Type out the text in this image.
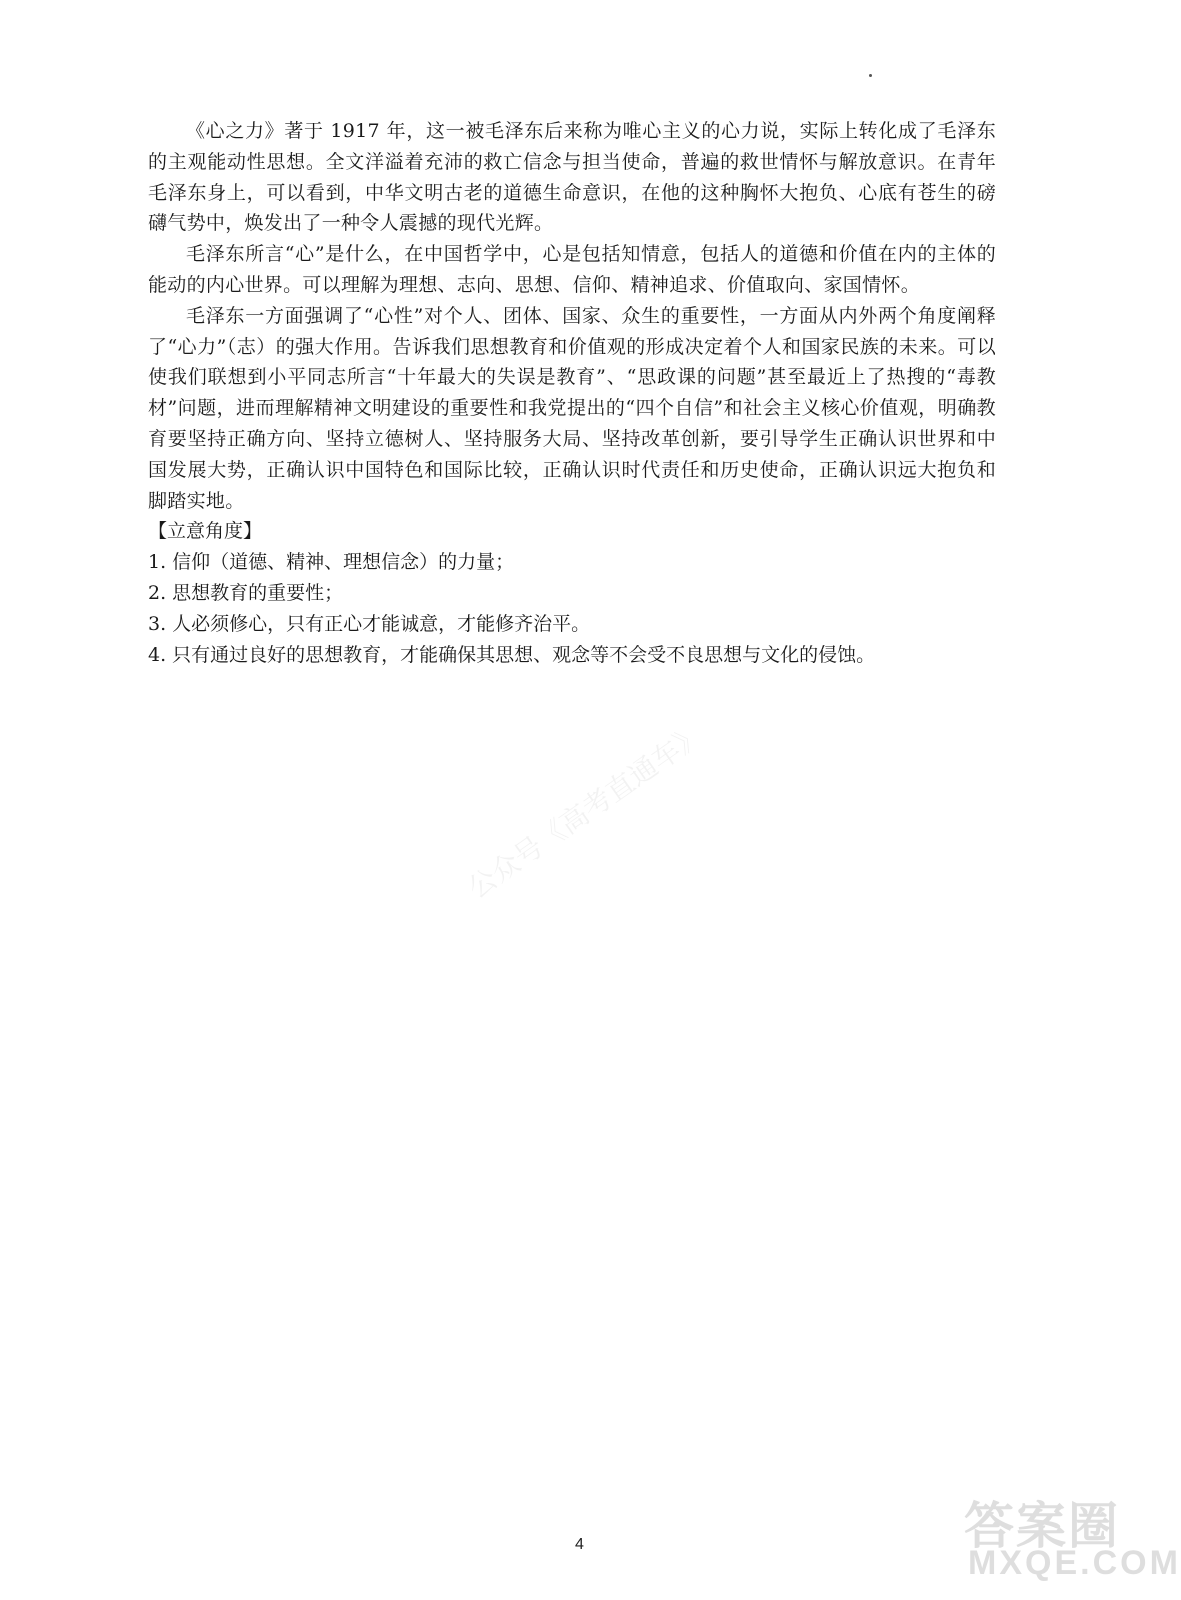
《心之力》著于 1917 年，这一被毛泽东后来称为唯心主义的心力说，实际上转化成了毛泽东的主观能动性思想。全文洋溢着充沛的救亡信念与担当使命，普遍的救世情怀与解放意识。在青年毛泽东身上，可以看到，中华文明古老的道德生命意识，在他的这种胸怀大抱负、心底有苍生的磅礴气势中，焕发出了一种令人震撼的现代光辉。

毛泽东所言“心”是什么，在中国哲学中，心是包括知情意，包括人的道德和价值在内的主体的能动的内心世界。可以理解为理想、志向、思想、信仰、精神追求、价值取向、家国情怀。

毛泽东一方面强调了“心性”对个人、团体、国家、众生的重要性，一方面从内外两个角度阐释了“心力”（志）的强大作用。告诉我们思想教育和价值观的形成决定着个人和国家民族的未来。可以使我们联想到小平同志所言“十年最大的失误是教育”、“思政课的问题”甚至最近上了热搜的“毒教材”问题，进而理解精神文明建设的重要性和我党提出的“四个自信”和社会主义核心价值观，明确教育要坚持正确方向、坚持立德树人、坚持服务大局、坚持改革创新，要引导学生正确认识世界和中国发展大势，正确认识中国特色和国际比较，正确认识时代责任和历史使命，正确认识远大抱负和脚踏实地。

【立意角度】

1. 信仰（道德、精神、理想信念）的力量；

2. 思想教育的重要性；

3. 人必须修心，只有正心才能诚意，才能修齐治平。

4. 只有通过良好的思想教育，才能确保其思想、观念等不会受不良思想与文化的侵蚀。

公众号《高考直通车》
4	答案圈
MXQE.COM
